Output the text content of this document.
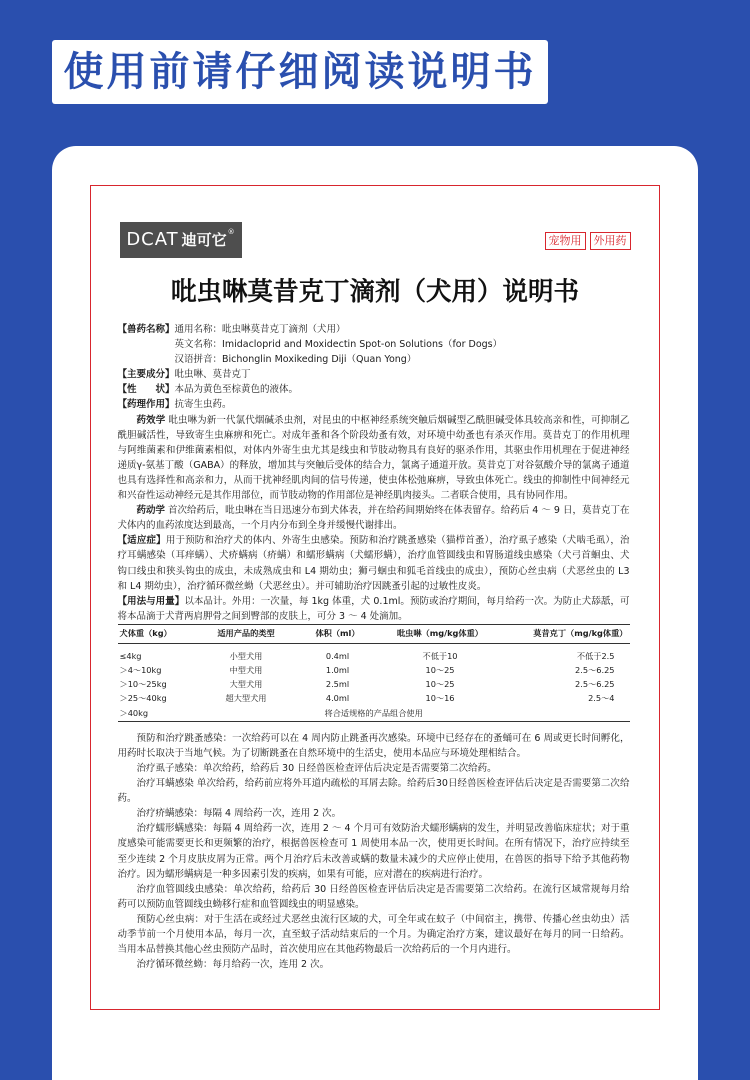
使用前请仔细阅读说明书
DCAT 迪可它 ®
宠物用	外用药
吡虫啉莫昔克丁滴剂（犬用）说明书
【兽药名称】 通用名称：吡虫啉莫昔克丁滴剂（犬用）
英文名称：Imidacloprid and Moxidectin Spot-on Solutions（for Dogs）
汉语拼音：Bichonglin Moxikeding Diji（Quan Yong）

【主要成分】吡虫啉、莫昔克丁

【性　　状】本品为黄色至棕黄色的液体。

【药理作用】抗寄生虫药。

药效学 吡虫啉为新一代氯代烟碱杀虫剂，对昆虫的中枢神经系统突触后烟碱型乙酰胆碱受体具较高亲和性，可抑制乙酰胆碱活性，导致寄生虫麻痹和死亡。对成年蚤和各个阶段幼蚤有效，对环境中幼蚤也有杀灭作用。莫昔克丁的作用机理与阿维菌素和伊维菌素相似，对体内外寄生虫尤其是线虫和节肢动物具有良好的驱杀作用，其驱虫作用机理在于促进神经递质γ-氨基丁酸（GABA）的释放，增加其与突触后受体的结合力，氯离子通道开放。莫昔克丁对谷氨酸介导的氯离子通道也具有选择性和高亲和力，从而干扰神经肌肉间的信号传递，使虫体松弛麻痹，导致虫体死亡。线虫的抑制性中间神经元和兴奋性运动神经元是其作用部位，而节肢动物的作用部位是神经肌肉接头。二者联合使用，具有协同作用。

药动学 首次给药后，吡虫啉在当日迅速分布到犬体表，并在给药间期始终在体表留存。给药后 4 ～ 9 日，莫昔克丁在犬体内的血药浓度达到最高，一个月内分布到全身并缓慢代谢排出。

【适应症】用于预防和治疗犬的体内、外寄生虫感染。预防和治疗跳蚤感染（猫栉首蚤），治疗虱子感染（犬啮毛虱），治疗耳螨感染（耳痒螨）、犬疥螨病（疥螨）和蠕形螨病（犬蠕形螨），治疗血管圆线虫和胃肠道线虫感染（犬弓首蛔虫、犬钩口线虫和狭头钩虫的成虫，未成熟成虫和 L4 期幼虫；狮弓蛔虫和狐毛首线虫的成虫），预防心丝虫病（犬恶丝虫的 L3 和 L4 期幼虫），治疗循环微丝蚴（犬恶丝虫）。并可辅助治疗因跳蚤引起的过敏性皮炎。

【用法与用量】以本品计。外用：一次量，每 1kg 体重，犬 0.1ml。预防或治疗期间，每月给药一次。为防止犬舔舐，可将本品滴于犬背两肩胛骨之间到臀部的皮肤上，可分 3 ～ 4 处滴加。

犬体重（kg）	适用产品的类型	体积（ml）	吡虫啉（mg/kg体重）	莫昔克丁（mg/kg体重）
≤4kg	小型犬用	0.4ml	不低于10	不低于2.5
＞4～10kg	中型犬用	1.0ml	10～25	2.5～6.25
＞10～25kg	大型犬用	2.5ml	10～25	2.5～6.25
＞25～40kg	超大型犬用	4.0ml	10～16	2.5～4
＞40kg	将合适规格的产品组合使用

预防和治疗跳蚤感染：一次给药可以在 4 周内防止跳蚤再次感染。环境中已经存在的蚤蛹可在 6 周或更长时间孵化，用药时长取决于当地气候。为了切断跳蚤在自然环境中的生活史，使用本品应与环境处理相结合。

治疗虱子感染：单次给药，给药后 30 日经兽医检查评估后决定是否需要第二次给药。

治疗耳螨感染 单次给药，给药前应将外耳道内疏松的耳屑去除。给药后30日经兽医检查评估后决定是否需要第二次给药。

治疗疥螨感染：每隔 4 周给药一次，连用 2 次。

治疗蠕形螨感染：每隔 4 周给药一次，连用 2 ～ 4 个月可有效防治犬蠕形螨病的发生，并明显改善临床症状；对于重度感染可能需要更长和更频繁的治疗，根据兽医检查可 1 周使用本品一次，使用更长时间。在所有情况下，治疗应持续至至少连续 2 个月皮肤皮屑为正常。两个月治疗后未改善或螨的数量未减少的犬应停止使用，在兽医的指导下给予其他药物治疗。因为蠕形螨病是一种多因素引发的疾病，如果有可能，应对潜在的疾病进行治疗。

治疗血管圆线虫感染：单次给药，给药后 30 日经兽医检查评估后决定是否需要第二次给药。在流行区域常规每月给药可以预防血管圆线虫蚴移行症和血管圆线虫的明显感染。

预防心丝虫病：对于生活在或经过犬恶丝虫流行区域的犬，可全年或在蚊子（中间宿主，携带、传播心丝虫幼虫）活动季节前一个月使用本品，每月一次，直至蚊子活动结束后的一个月。为确定治疗方案，建议最好在每月的同一日给药。当用本品替换其他心丝虫预防产品时，首次使用应在其他药物最后一次给药后的一个月内进行。

治疗循环微丝蚴：每月给药一次，连用 2 次。
